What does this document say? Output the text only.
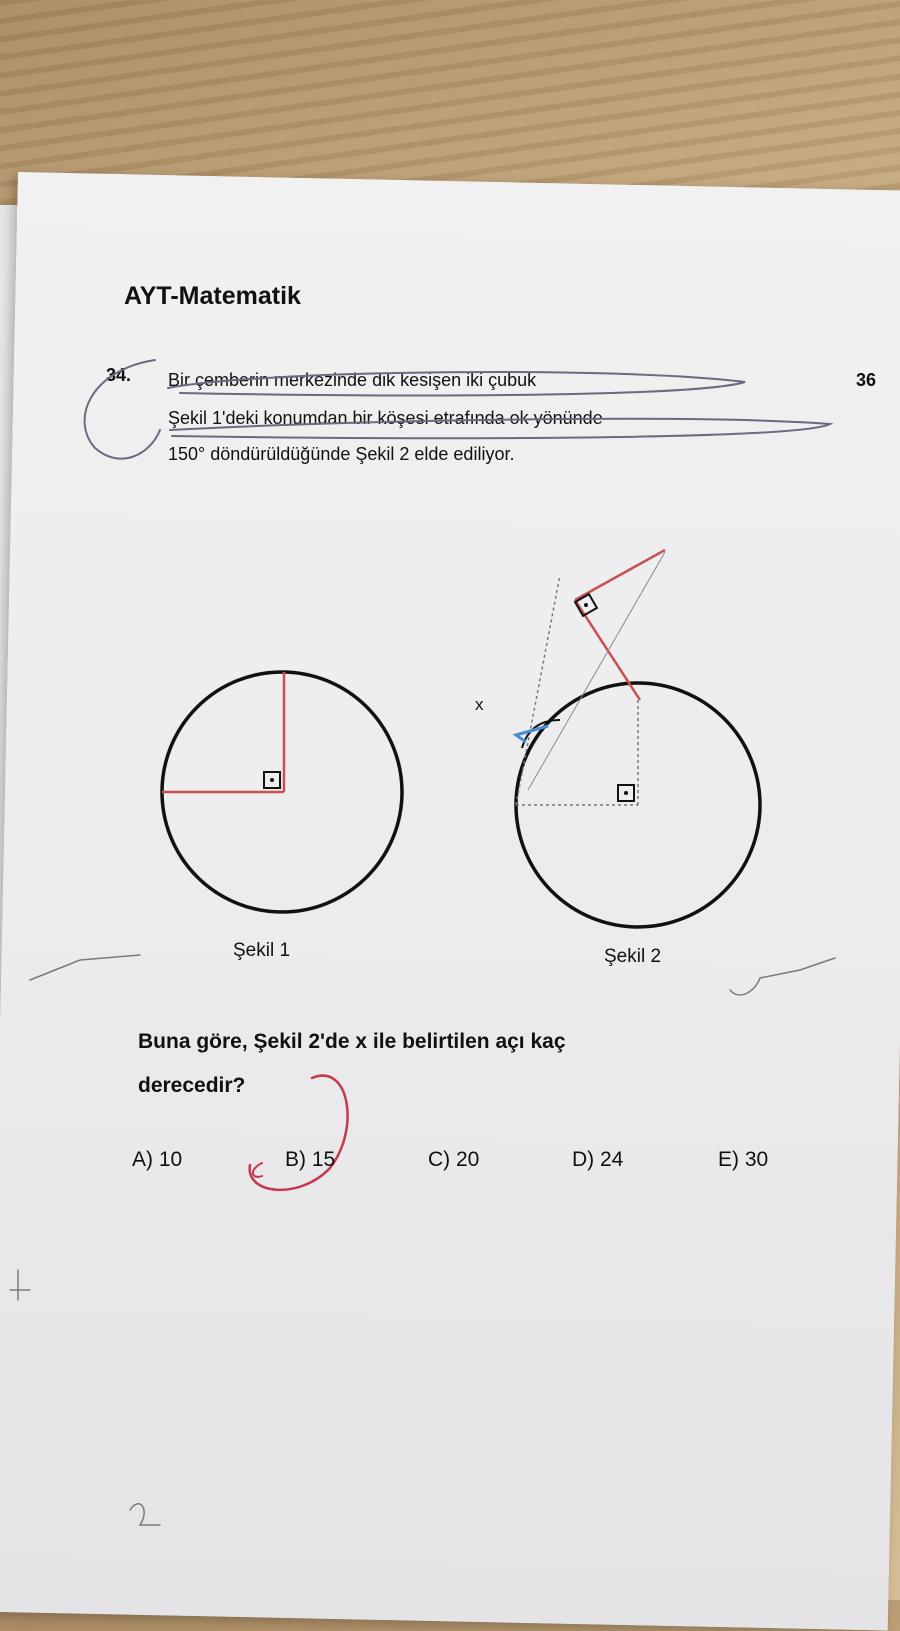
AYT-Matematik
36
34. Bir çemberin merkezinde dik kesişen iki çubuk
Şekil 1'deki konumdan bir köşesi etrafında ok yönünde
150° döndürüldüğünde Şekil 2 elde ediliyor.
x
Şekil 1	Şekil 2
Buna göre, Şekil 2'de x ile belirtilen açı kaç
derecedir?
A) 10	B) 15	C) 20	D) 24	E) 30
